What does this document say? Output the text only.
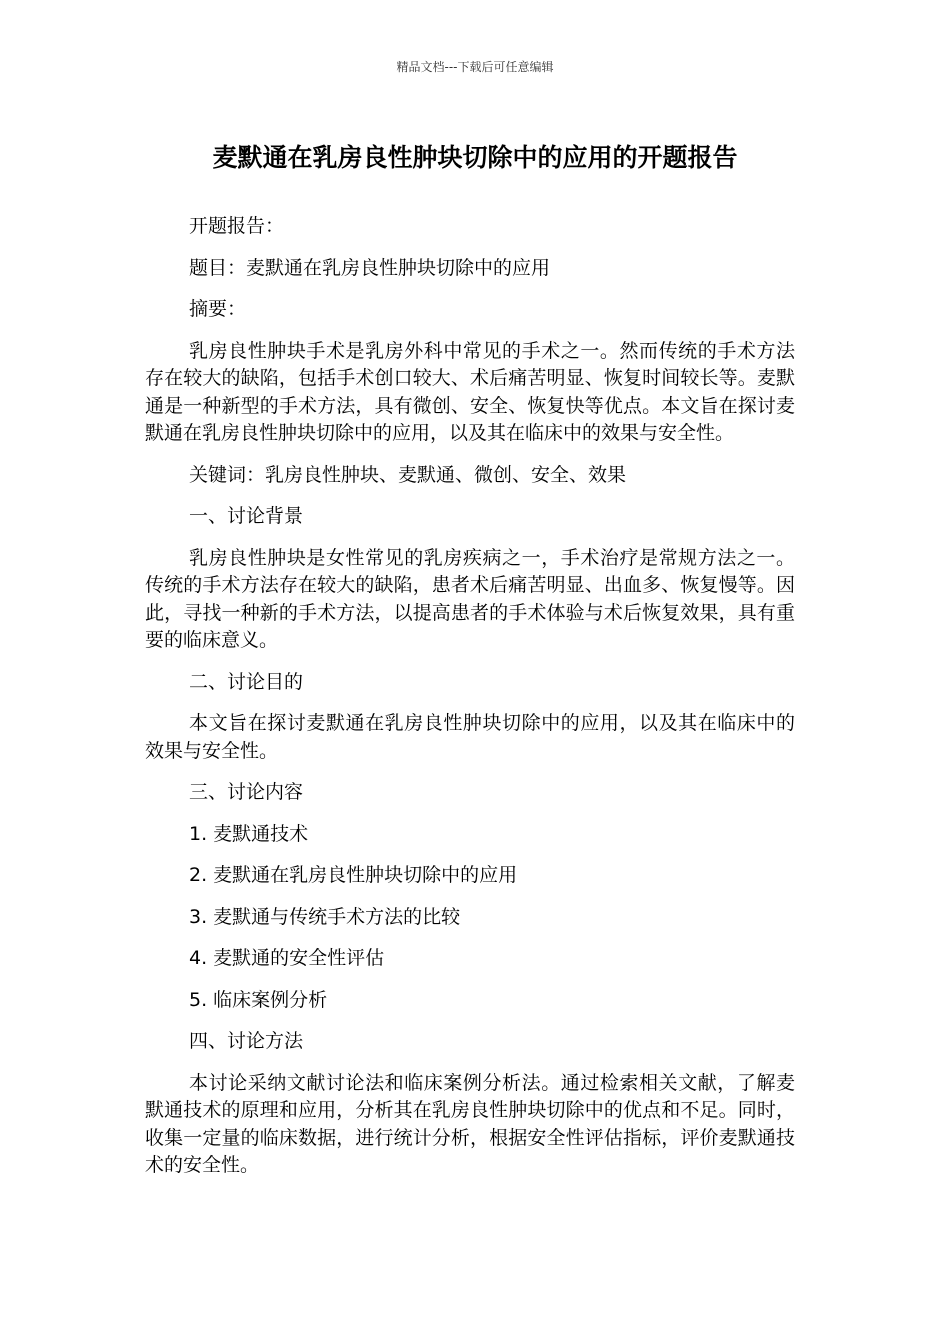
精品文档---下载后可任意编辑
麦默通在乳房良性肿块切除中的应用的开题报告

开题报告：

题目：麦默通在乳房良性肿块切除中的应用

摘要：

乳房良性肿块手术是乳房外科中常见的手术之一。然而传统的手术方法存在较大的缺陷，包括手术创口较大、术后痛苦明显、恢复时间较长等。麦默通是一种新型的手术方法，具有微创、安全、恢复快等优点。本文旨在探讨麦默通在乳房良性肿块切除中的应用，以及其在临床中的效果与安全性。

关键词：乳房良性肿块、麦默通、微创、安全、效果

一、讨论背景

乳房良性肿块是女性常见的乳房疾病之一，手术治疗是常规方法之一。传统的手术方法存在较大的缺陷，患者术后痛苦明显、出血多、恢复慢等。因此，寻找一种新的手术方法，以提高患者的手术体验与术后恢复效果，具有重要的临床意义。

二、讨论目的

本文旨在探讨麦默通在乳房良性肿块切除中的应用，以及其在临床中的效果与安全性。

三、讨论内容

1. 麦默通技术

2. 麦默通在乳房良性肿块切除中的应用

3. 麦默通与传统手术方法的比较

4. 麦默通的安全性评估

5. 临床案例分析

四、讨论方法

本讨论采纳文献讨论法和临床案例分析法。通过检索相关文献，了解麦默通技术的原理和应用，分析其在乳房良性肿块切除中的优点和不足。同时，收集一定量的临床数据，进行统计分析，根据安全性评估指标，评价麦默通技术的安全性。
